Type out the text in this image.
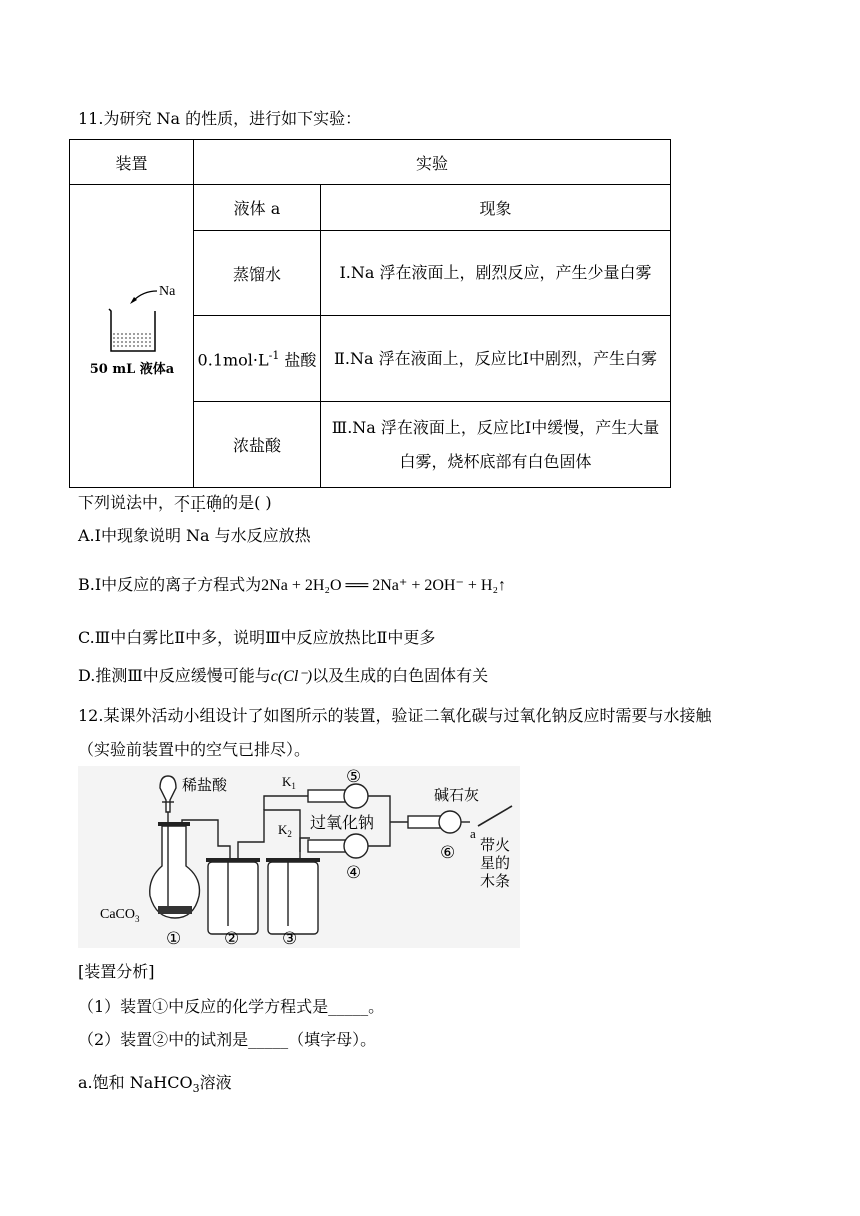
11.为研究 Na 的性质，进行如下实验：
装置	实验	

Na
50 mL 液体a	液体 a	现象
	蒸馏水	Ⅰ.Na 浮在液面上，剧烈反应，产生少量白雾
	$0.1mol\cdot L^{-1}$ 盐酸	Ⅱ.Na 浮在液面上，反应比Ⅰ中剧烈，产生白雾
	浓盐酸	Ⅲ.Na 浮在液面上，反应比Ⅰ中缓慢，产生大量白雾，烧杯底部有白色固体
下列说法中，不正确的是( )
A.Ⅰ中现象说明 Na 与水反应放热
B.Ⅰ中反应的离子方程式为2Na + 2H₂O ══ 2Na⁺ + 2OH⁻ + H₂↑
C.Ⅲ中白雾比Ⅱ中多，说明Ⅲ中反应放热比Ⅱ中更多
D.推测Ⅲ中反应缓慢可能与c(Cl⁻)以及生成的白色固体有关
12.某课外活动小组设计了如图所示的装置，验证二氧化碳与过氧化钠反应时需要与水接触
（实验前装置中的空气已排尽）。
稀盐酸
CaCO$_3$
$K_1$
$K_2$
过氧化钠
碱石灰
a
带火
星的
木条
①	②	③
④
⑤
⑥
[装置分析]
（1）装置①中反应的化学方程式是_____。
（2）装置②中的试剂是_____（填字母）。
a.饱和 NaHCO$_3$溶液
